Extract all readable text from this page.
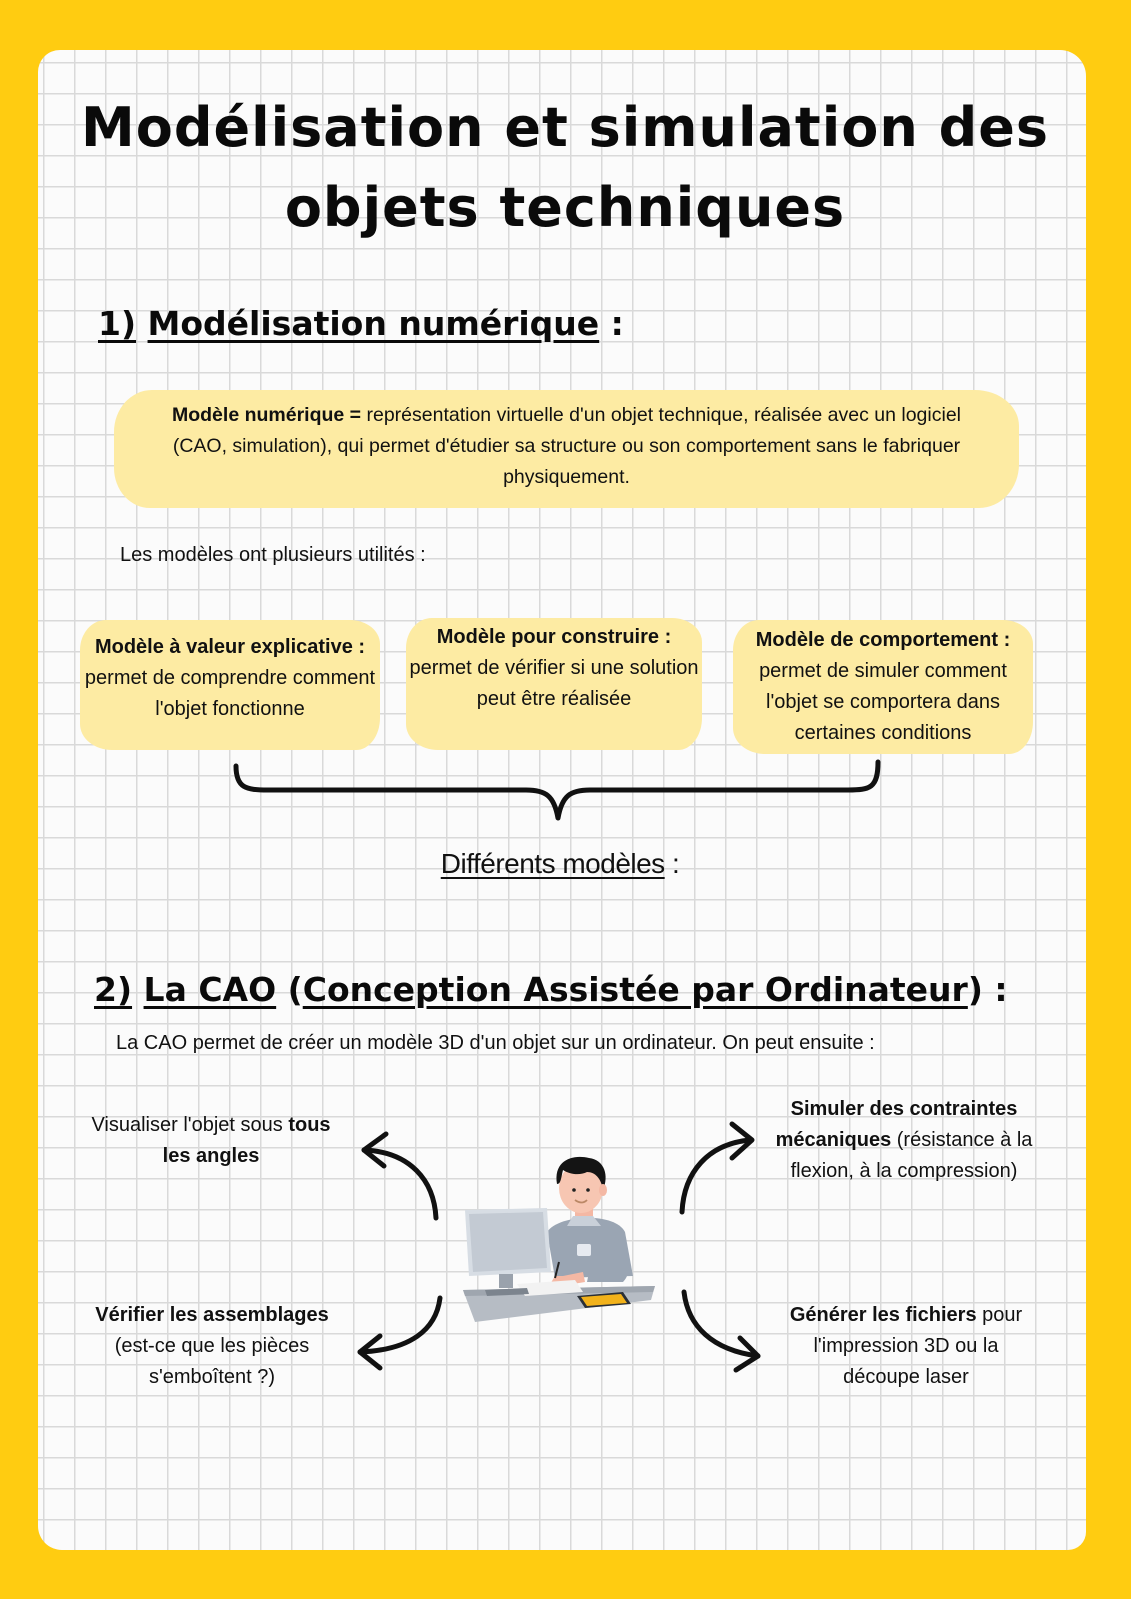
Modélisation et simulation des
objets techniques
1) Modélisation numérique :
Modèle numérique = représentation virtuelle d'un objet technique, réalisée avec un logiciel (CAO, simulation), qui permet d'étudier sa structure ou son comportement sans le fabriquer physiquement.
Les modèles ont plusieurs utilités :
Modèle à valeur explicative :
permet de comprendre comment l'objet fonctionne
Modèle pour construire :
permet de vérifier si une solution peut être réalisée
Modèle de comportement :
permet de simuler comment l'objet se comportera dans certaines conditions
Différents modèles :
2) La CAO (Conception Assistée par Ordinateur) :
La CAO permet de créer un modèle 3D d'un objet sur un ordinateur. On peut ensuite :
Visualiser l'objet sous tous les angles
Vérifier les assemblages
(est-ce que les pièces s'emboîtent ?)
Simuler des contraintes mécaniques (résistance à la flexion, à la compression)
Générer les fichiers pour l'impression 3D ou la découpe laser
